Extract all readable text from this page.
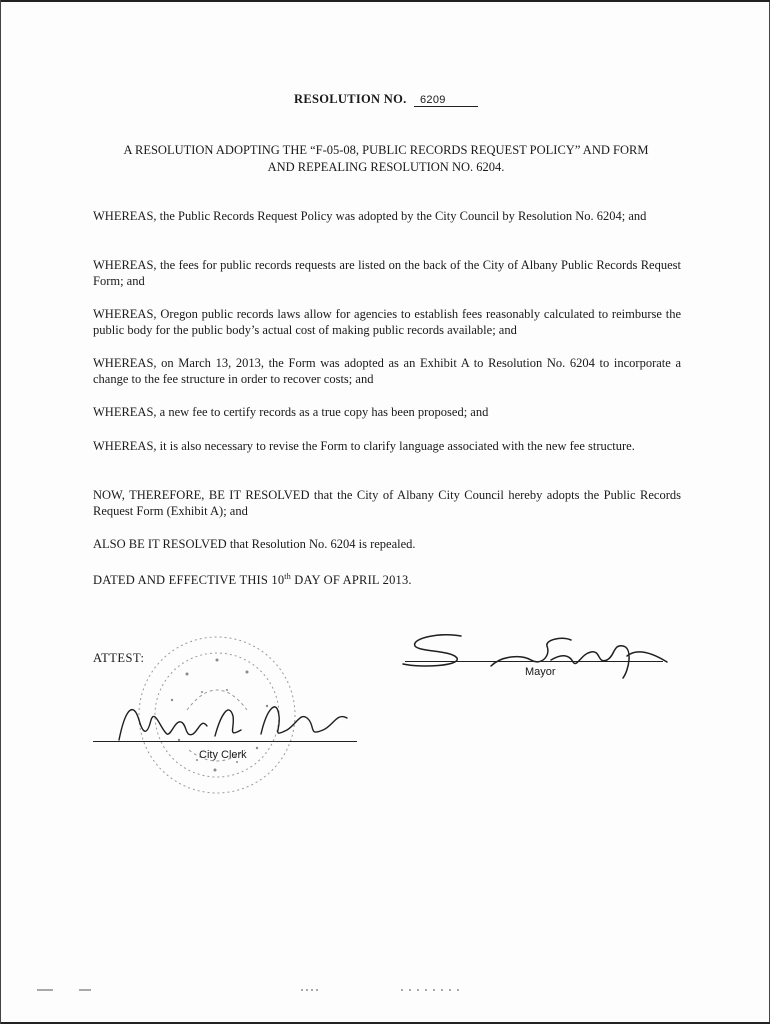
RESOLUTION NO. 6209
A RESOLUTION ADOPTING THE “F-05-08, PUBLIC RECORDS REQUEST POLICY” AND FORM
AND REPEALING RESOLUTION NO. 6204.
WHEREAS, the Public Records Request Policy was adopted by the City Council by Resolution No. 6204; and
WHEREAS, the fees for public records requests are listed on the back of the City of Albany Public Records Request Form; and
WHEREAS, Oregon public records laws allow for agencies to establish fees reasonably calculated to reimburse the public body for the public body’s actual cost of making public records available; and
WHEREAS, on March 13, 2013, the Form was adopted as an Exhibit A to Resolution No. 6204 to incorporate a change to the fee structure in order to recover costs; and
WHEREAS, a new fee to certify records as a true copy has been proposed; and
WHEREAS, it is also necessary to revise the Form to clarify language associated with the new fee structure.
NOW, THEREFORE, BE IT RESOLVED that the City of Albany City Council hereby adopts the Public Records Request Form (Exhibit A); and
ALSO BE IT RESOLVED that Resolution No. 6204 is repealed.
DATED AND EFFECTIVE THIS 10th DAY OF APRIL 2013.
ATTEST:
City Clerk
Mayor
